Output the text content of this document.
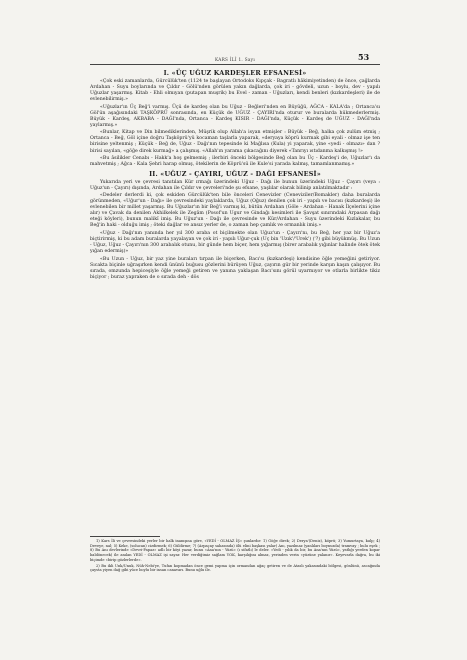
KARS İLİ 1. Sayı	53
I. «ÜÇ UĞUZ KARDEŞLER EFSANESİ»

«Çok eski zamanlarda, Gürcülük'ten (1124 te başlayan Ortodoks Kıpçak - Bagratlı hâkimiyetinden) de önce, çağlarda Ardahan - Suyu boylarında ve Çıldır - Gölü'nden görülen yakın dağlarda, çok iri - gövdeli, uzun - boylu, dev - yapılı Uğuzlar yaşarmış. Kitab - Ehli olmıyan (putapan muşrik) bu Evel - zaman - Uğuzları, kendi benleri (kızkardeşleri) ile de evlenebilirmiş.»

«Uğuzlar'ın Üç Beğ'i varmış. Üçü de kardeş olan bu Uğuz - Beğleri'nden en Büyüğü, AĞCA - KALA'da ; Ortanca'sı Göl'ün aşağısındaki TAŞKÖPRÜ sonrasında, en Küçük de UĞUZ - ÇAYIRI'nda oturur ve buralarda hükmederlermiş. Büyük - Kardeş, AKBABA - DAĞI'nda, Ortanca - Kardeş KISIR - DAĞI'nda, Küçük - Kardeş de UĞUZ - DAĞI'nda yaylarmış.»

«Bunlar, Kitap ve Din bilmediklerinden, Müşrik olup Allah'a isyan etmişler : Büyük - Beğ, halka çok zulüm etmiş ; Ortanca - Beğ, Göl içine doğru Taşköprü'yü kocaman taşlarla yaparak, «deryaya köprü kurmak gibi eyali - olmaz işe ten birisine yeltenmiş ; Küçük - Beğ de, Uğuz - Dağı'nın tepesinde ki Mağlısa (Kula) yi yaparak, yine «yedi - olmazı» dan ? birisi sayılan, «göğe direk kurmağ» a çalışmış. «Allah'ın yarama çıkacağını diyerek «Tanrıyı ıstıdanma kalkışmış !»

«Bu âsilikler Cenabı - Hakk'a hoş gelmemiş ; ilerbiri önceki bölgesinde Beğ olan bu Üç - Kardeş'i de, Uğuzlar'ı da mahvetmiş ; Ağca - Kala Şehri harap olmuş, ötekilerin de Köprü'sü ile Kule'si yarada kalmış, tamamlanmamış.»

II. «UĞUZ - ÇAYIRI, UĞUZ - DAĞI EFSANESİ»

Yukarıda yeri ve çevresi tanıtılan Kür ırmağı üzerindeki Uğuz - Dağı ile bunun üzerindeki Uğuz - Çayırı (veya : Uğuz'un - Çayırı) dışında, Ardahan ile Çıldır ve çevreleri'nde şu efsane, yaşlılar olarak bilinip anlatılmaktadır :

«Dedeler derlerdi ki, çok eskiden Gürcülük'ten bile önceleri Cenevizler (Ceneviziler/Bomakler) daha buralarda görünmeden, «Uğur'un - Dağı» ile çevresindeki yaylaklarda, Uğuz (Oğuz) denilen çok iri - yapılı ve bacısı (kızkardeşi) ile evlenebilen bir millet yaşarmış. Bu Uğuzlar'ın bir Beğ'i varmış ki, bütün Ardahan (Göle - Ardahan - Hanak İlçelerini içine alır) ve Çavak da denilen Akhilkelek ile Zegâm (Posof'un Ugur ve Gindağı kesimleri ile Şavşat sınırındaki Arpasan dağı eteği köyleri), bunun malikî imiş. Bu Uğuz'un - Dağı ile çevresinde ve Kür/Ardahan - Suyu üzerindeki Kızlakalar, bu Beğ'in haki - olduğu imiş ; öteki dağlar ve ansız yerler de, o zaman hep çamlık ve ormanlık imiş.»

«Uğuz - Dağı'nın yanında her yıl 300 araba ot biçilmekte olan Uğuz'un - Çayırı'nı, bu Beğ, her yaz bir Uğuz'a biçtirirmiş, ki bu adam buralarda yayalayan ve çok iri - yapılı Uğur-çuk (Uç bin 'Uzık'/'Urek') ('?) gibi büyükmüş. Bu Uzun - Uğuz, Uğuz - Çayırı'nın 300 arabalık otunu, bir günde hem biçer, hem yığarmış (birer arabalık yığınlar halinde ötek ötek yığan edermiş)»

«Bu Uzun - Uğuz, bir yaz yine buraları tırpan ile biçerken, Bacı'sı (kızkardeşi) kendisine öğle yemeğini getiriyor. Sıcakta biçinle uğraşırken kendi ününü buğusu gözlerini bürüyen Uğuz, çayırın gür bir yerinde karşın kaşın çalışıyor. Bu sırada, omzunda hepiceşiyle öğle yemeği getiren ve yanına yaklaşan Bacı'sını görül uyarmıyor ve otlarla birlikte tikiz biçiyor ; buraz yapraken de o sırada deh - dös

1) Kars İli ve çevresindeki yerler bir halk inanışına göre, «YEDİ - OLMAZ İŞ» şunlardır: 1) Göğe direk; 2) Derya'(Deniz), köprü; 3) Yumurtaya, kulp; 4) Deveye, nal; 5) Keke, (solucan) cizdirmek; 6) Güldirme; 7) (Arpaçay sahasında) ölü elini başkası yalar) Anı, yazılmaz (yanlıları boynuzda) tramvay ; hulu eşek ; 8) Bu Anı devlerinde «Devri-Papaz» adlı bir köyi yazar, bunu «Ana'nın - Yüzü» (ı sifatlı) le deler. «Yedi - yılık da bir, bu Ana'nın Yüzü», yatlığı yerden kopar baldönecek) ile anılan YEDİ - OLMAZ işi sayar. Her verdiğimiz sağlam YOK, karşılığını almaz, yerinden verin «yüzüne yalanır». Keyevarla dağra, bu iki biçimde «birip gözlerlerde».

2) Bu ikli Unk/Unuk, Nüh-Nebi'ye, Tufan kopmadan önce gemi yapma için ormandan ağaç getiren ve de Ataslı yakasındaki bölgesi, gönlünü, ascağında çaysta yiyen dağ gibi yüce boylu bir insan canavarı. Bunu uğlu ile.
